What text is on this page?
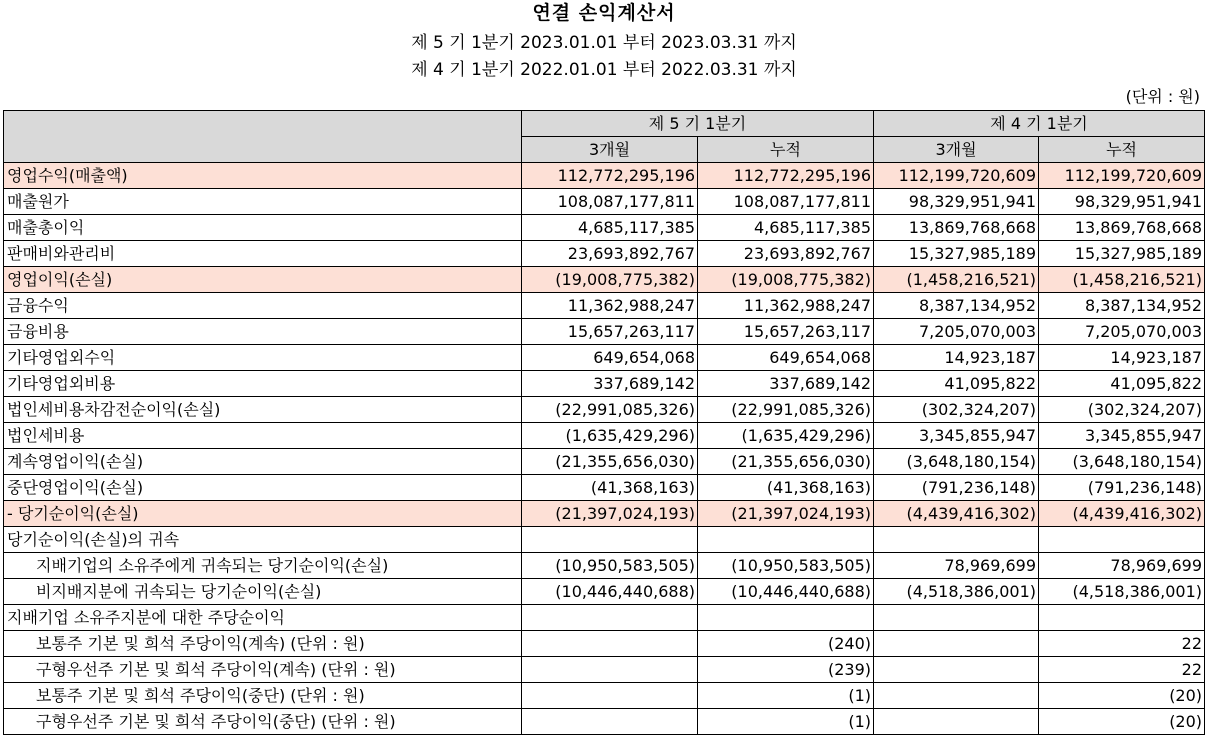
연결 손익계산서
제 5 기 1분기 2023.01.01 부터 2023.03.31 까지
제 4 기 1분기 2022.01.01 부터 2022.03.31 까지
(단위 : 원)
	제 5 기 1분기		제 4 기 1분기	
	3개월	누적	3개월	누적
영업수익(매출액)	112,772,295,196	112,772,295,196	112,199,720,609	112,199,720,609
매출원가	108,087,177,811	108,087,177,811	98,329,951,941	98,329,951,941
매출총이익	4,685,117,385	4,685,117,385	13,869,768,668	13,869,768,668
판매비와관리비	23,693,892,767	23,693,892,767	15,327,985,189	15,327,985,189
영업이익(손실)	(19,008,775,382)	(19,008,775,382)	(1,458,216,521)	(1,458,216,521)
금융수익	11,362,988,247	11,362,988,247	8,387,134,952	8,387,134,952
금융비용	15,657,263,117	15,657,263,117	7,205,070,003	7,205,070,003
기타영업외수익	649,654,068	649,654,068	14,923,187	14,923,187
기타영업외비용	337,689,142	337,689,142	41,095,822	41,095,822
법인세비용차감전순이익(손실)	(22,991,085,326)	(22,991,085,326)	(302,324,207)	(302,324,207)
법인세비용	(1,635,429,296)	(1,635,429,296)	3,345,855,947	3,345,855,947
계속영업이익(손실)	(21,355,656,030)	(21,355,656,030)	(3,648,180,154)	(3,648,180,154)
중단영업이익(손실)	(41,368,163)	(41,368,163)	(791,236,148)	(791,236,148)
- 당기순이익(손실)	(21,397,024,193)	(21,397,024,193)	(4,439,416,302)	(4,439,416,302)
당기순이익(손실)의 귀속				
지배기업의 소유주에게 귀속되는 당기순이익(손실)	(10,950,583,505)	(10,950,583,505)	78,969,699	78,969,699
비지배지분에 귀속되는 당기순이익(손실)	(10,446,440,688)	(10,446,440,688)	(4,518,386,001)	(4,518,386,001)
지배기업 소유주지분에 대한 주당순이익				
보통주 기본 및 희석 주당이익(계속) (단위 : 원)		(240)		22
구형우선주 기본 및 희석 주당이익(계속) (단위 : 원)		(239)		22
보통주 기본 및 희석 주당이익(중단) (단위 : 원)		(1)		(20)
구형우선주 기본 및 희석 주당이익(중단) (단위 : 원)		(1)		(20)
